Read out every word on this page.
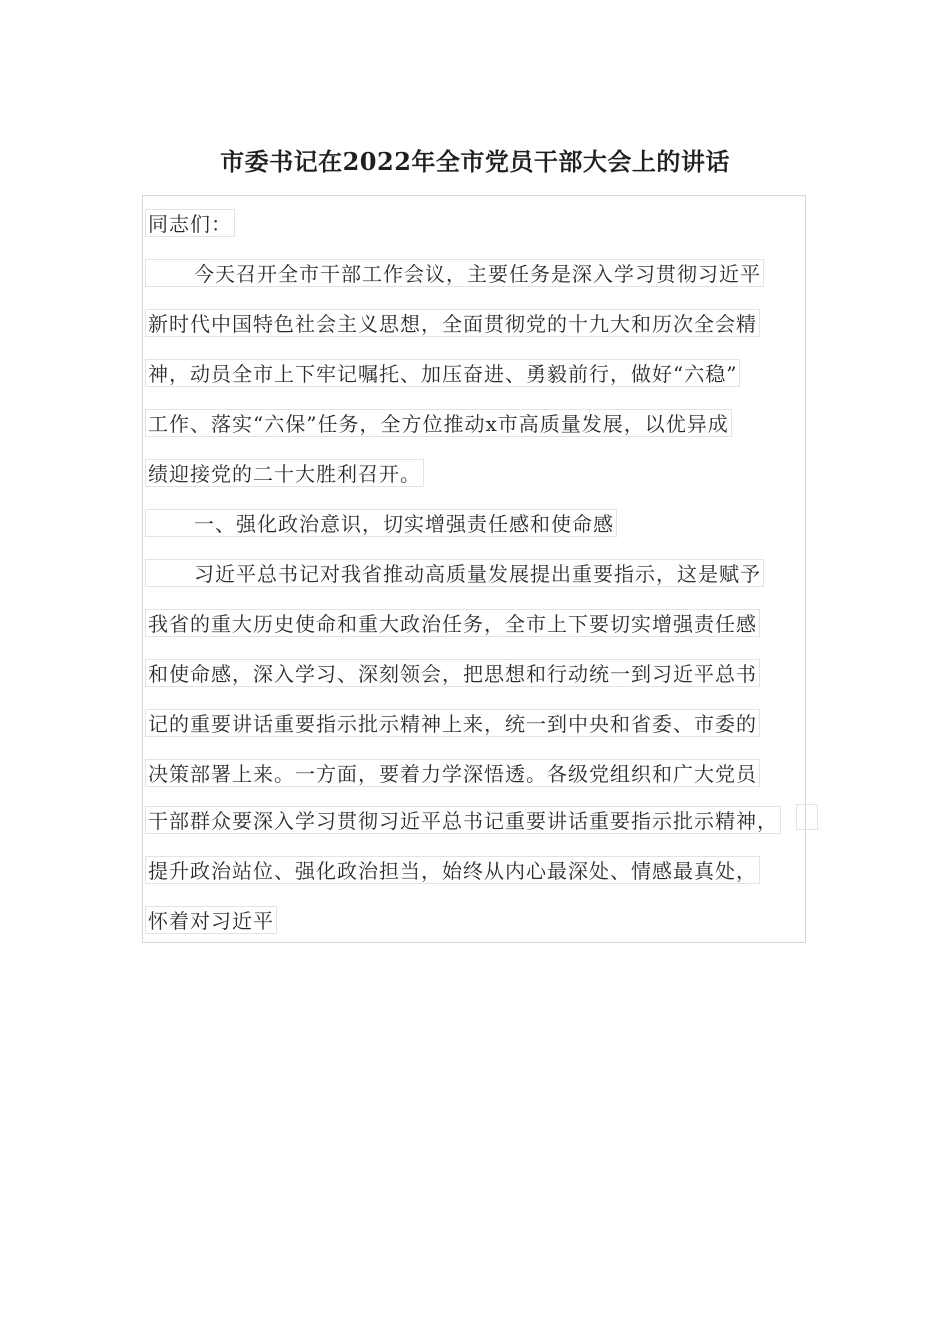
市委书记在2022年全市党员干部大会上的讲话
同志们：
今天召开全市干部工作会议，主要任务是深入学习贯彻习近平
新时代中国特色社会主义思想，全面贯彻党的十九大和历次全会精
神，动员全市上下牢记嘱托、加压奋进、勇毅前行，做好“六稳”
工作、落实“六保”任务，全方位推动x市高质量发展，以优异成
绩迎接党的二十大胜利召开。
一、强化政治意识，切实增强责任感和使命感
习近平总书记对我省推动高质量发展提出重要指示，这是赋予
我省的重大历史使命和重大政治任务，全市上下要切实增强责任感
和使命感，深入学习、深刻领会，把思想和行动统一到习近平总书
记的重要讲话重要指示批示精神上来，统一到中央和省委、市委的
决策部署上来。一方面，要着力学深悟透。各级党组织和广大党员
干部群众要深入学习贯彻习近平总书记重要讲话重要指示批示精神，
提升政治站位、强化政治担当，始终从内心最深处、情感最真处，
怀着对习近平
